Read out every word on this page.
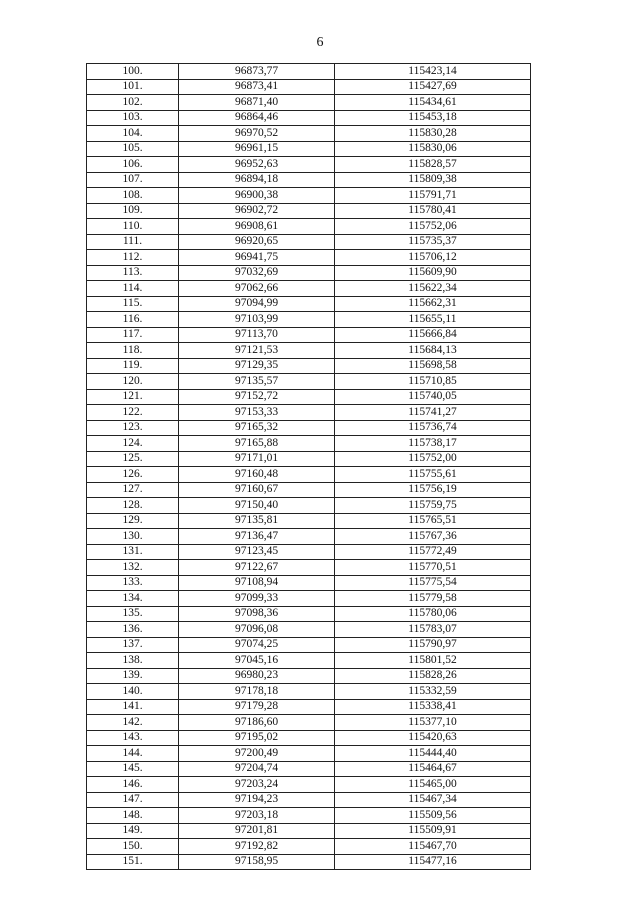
6
100.	96873,77	115423,14
101.	96873,41	115427,69
102.	96871,40	115434,61
103.	96864,46	115453,18
104.	96970,52	115830,28
105.	96961,15	115830,06
106.	96952,63	115828,57
107.	96894,18	115809,38
108.	96900,38	115791,71
109.	96902,72	115780,41
110.	96908,61	115752,06
111.	96920,65	115735,37
112.	96941,75	115706,12
113.	97032,69	115609,90
114.	97062,66	115622,34
115.	97094,99	115662,31
116.	97103,99	115655,11
117.	97113,70	115666,84
118.	97121,53	115684,13
119.	97129,35	115698,58
120.	97135,57	115710,85
121.	97152,72	115740,05
122.	97153,33	115741,27
123.	97165,32	115736,74
124.	97165,88	115738,17
125.	97171,01	115752,00
126.	97160,48	115755,61
127.	97160,67	115756,19
128.	97150,40	115759,75
129.	97135,81	115765,51
130.	97136,47	115767,36
131.	97123,45	115772,49
132.	97122,67	115770,51
133.	97108,94	115775,54
134.	97099,33	115779,58
135.	97098,36	115780,06
136.	97096,08	115783,07
137.	97074,25	115790,97
138.	97045,16	115801,52
139.	96980,23	115828,26
140.	97178,18	115332,59
141.	97179,28	115338,41
142.	97186,60	115377,10
143.	97195,02	115420,63
144.	97200,49	115444,40
145.	97204,74	115464,67
146.	97203,24	115465,00
147.	97194,23	115467,34
148.	97203,18	115509,56
149.	97201,81	115509,91
150.	97192,82	115467,70
151.	97158,95	115477,16
